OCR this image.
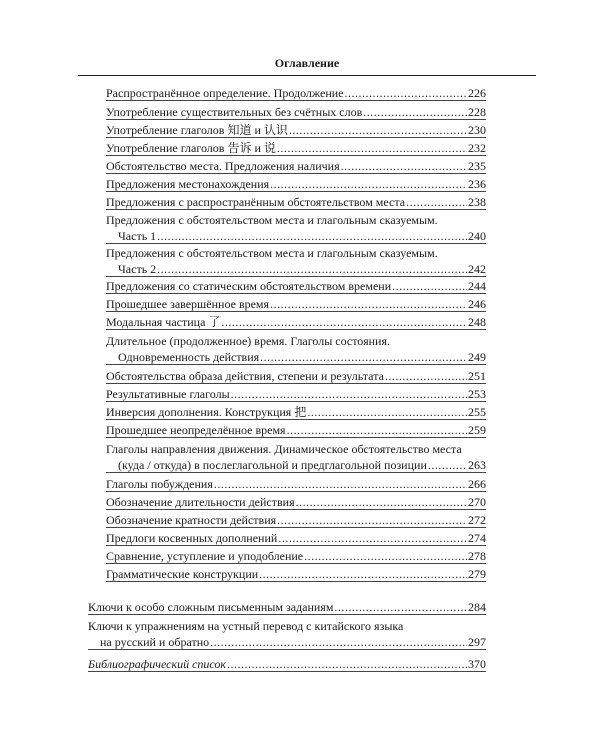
Оглавление
Распространённое определение. Продолжение .....	226
Употребление существительных без счётных слов .....	228
Употребление глаголов 知道 и 认识 .....	230
Употребление глаголов 告诉 и 说 .....	232
Обстоятельство места. Предложения наличия .....	235
Предложения местонахождения .....	236
Предложения с распространённым обстоятельством места .....	238
Предложения с обстоятельством места и глагольным сказуемым.
Часть 1 .....	240
Предложения с обстоятельством места и глагольным сказуемым.
Часть 2 .....	242
Предложения со статическим обстоятельством времени .....	244
Прошедшее завершённое время .....	246
Модальная частица 了 .....	248
Длительное (продолженное) время. Глаголы состояния.
Одновременность действия .....	249
Обстоятельства образа действия, степени и результата .....	251
Результативные глаголы .....	253
Инверсия дополнения. Конструкция 把 .....	255
Прошедшее неопределённое время .....	259
Глаголы направления движения. Динамическое обстоятельство места
(куда / откуда) в послеглагольной и предглагольной позиции .....	263
Глаголы побуждения .....	266
Обозначение длительности действия .....	270
Обозначение кратности действия .....	272
Предлоги косвенных дополнений .....	274
Сравнение, уступление и уподобление .....	278
Грамматические конструкции .....	279
Ключи к особо сложным письменным заданиям .....	284
Ключи к упражнениям на устный перевод с китайского языка
на русский и обратно .....	297
Библиографический список .....	370
